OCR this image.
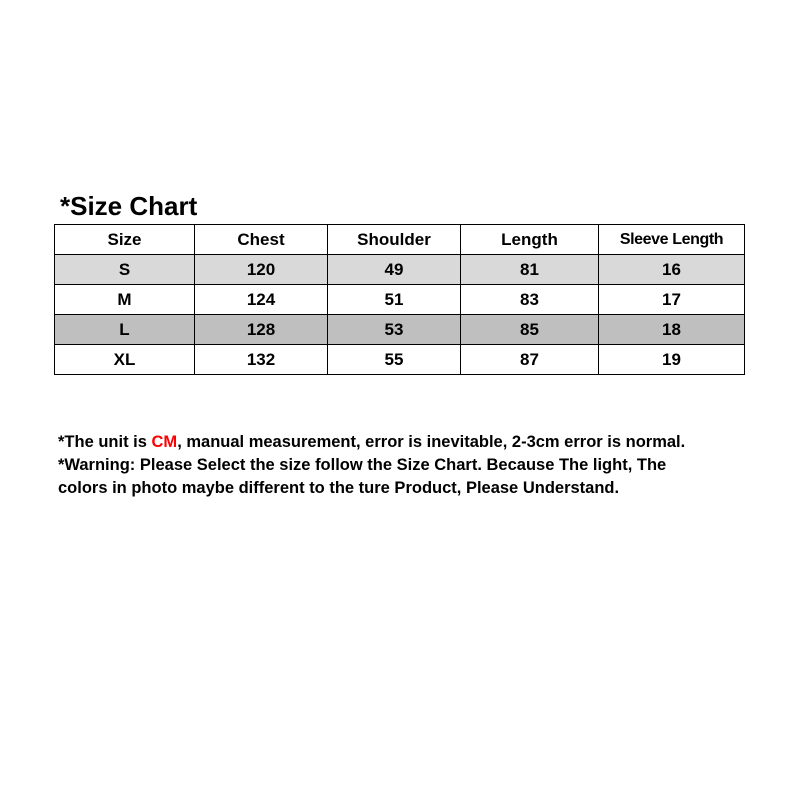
*Size Chart
Size	Chest	Shoulder	Length	Sleeve Length
S	120	49	81	16
M	124	51	83	17
L	128	53	85	18
XL	132	55	87	19
*The unit is CM, manual measurement, error is inevitable, 2-3cm error is normal.
*Warning: Please Select the size follow the Size Chart. Because The light, The
colors in photo maybe different to the ture Product, Please Understand.
